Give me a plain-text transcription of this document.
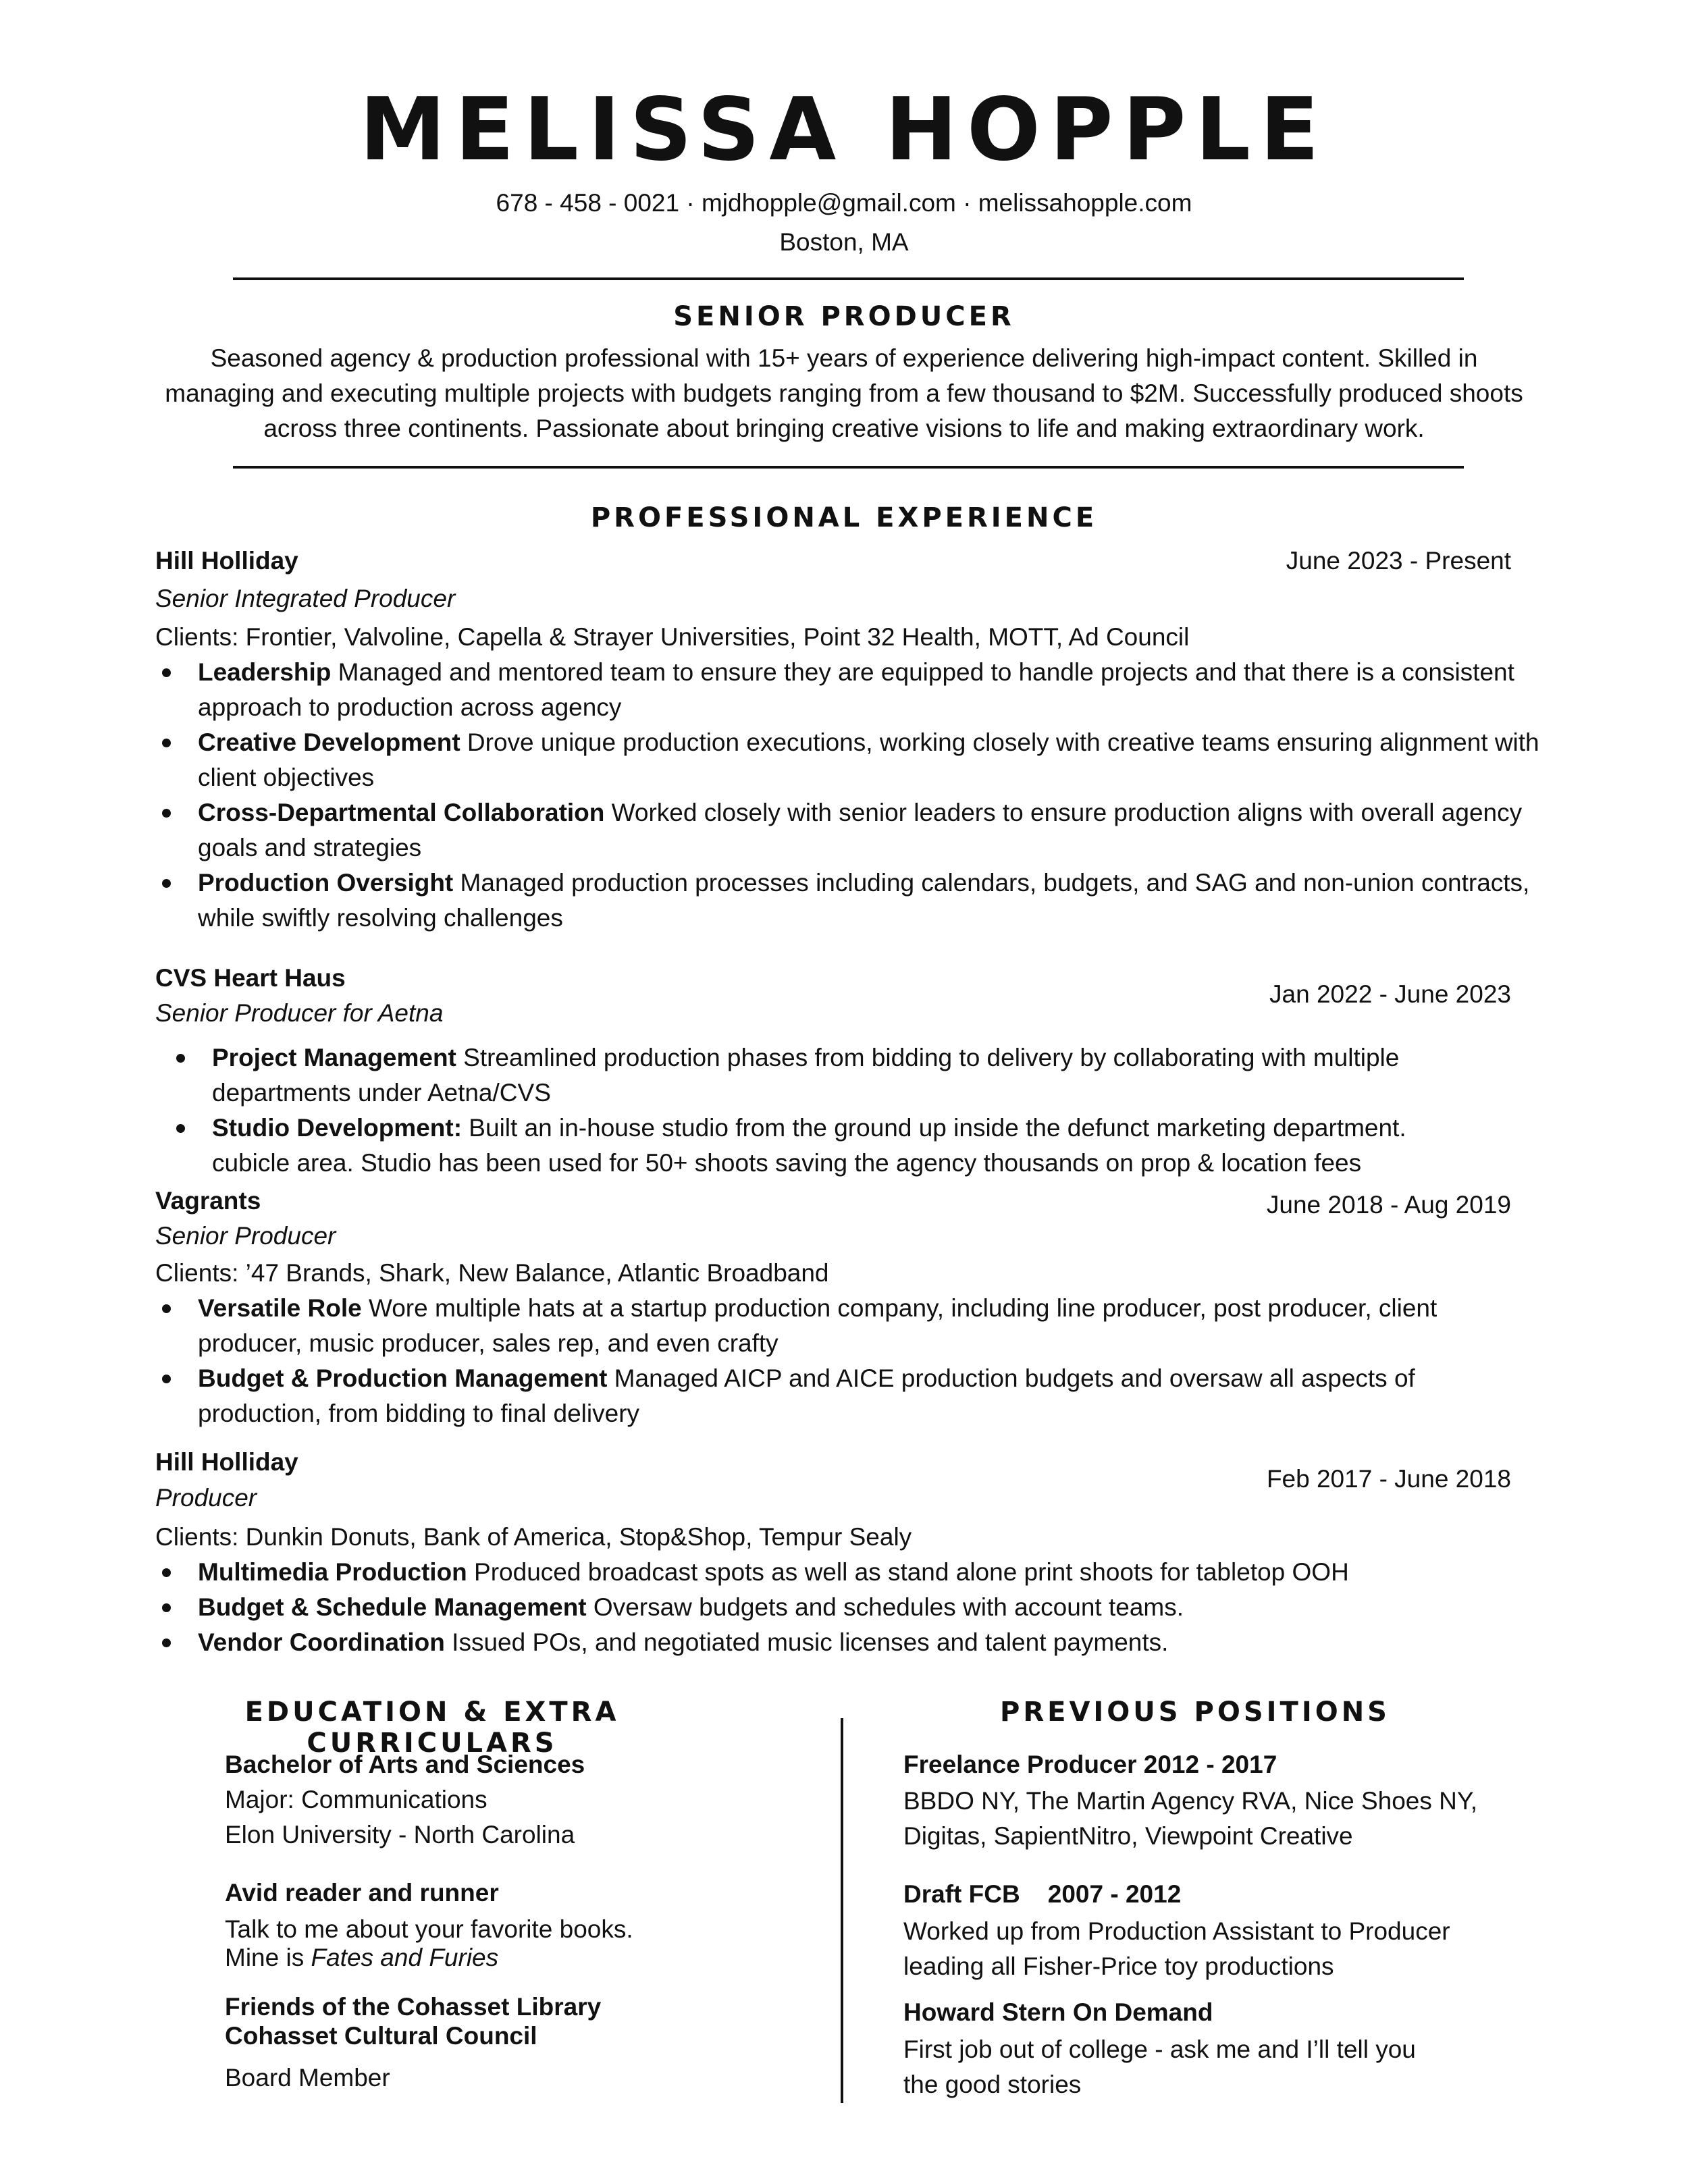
MELISSA HOPPLE
678 - 458 - 0021 · mjdhopple@gmail.com · melissahopple.com
Boston, MA
SENIOR PRODUCER
Seasoned agency & production professional with 15+ years of experience delivering high-impact content. Skilled in managing and executing multiple projects with budgets ranging from a few thousand to $2M. Successfully produced shoots across three continents. Passionate about bringing creative visions to life and making extraordinary work.
PROFESSIONAL EXPERIENCE
Hill Holliday	June 2023 - Present
Senior Integrated Producer
Clients: Frontier, Valvoline, Capella & Strayer Universities, Point 32 Health, MOTT, Ad Council
Leadership Managed and mentored team to ensure they are equipped to handle projects and that there is a consistent approach to production across agency
Creative Development Drove unique production executions, working closely with creative teams ensuring alignment with client objectives
Cross-Departmental Collaboration Worked closely with senior leaders to ensure production aligns with overall agency goals and strategies
Production Oversight Managed production processes including calendars, budgets, and SAG and non-union contracts, while swiftly resolving challenges
CVS Heart Haus
Jan 2022 - June 2023
Senior Producer for Aetna
Project Management Streamlined production phases from bidding to delivery by collaborating with multiple departments under Aetna/CVS
Studio Development: Built an in-house studio from the ground up inside the defunct marketing department. cubicle area. Studio has been used for 50+ shoots saving the agency thousands on prop & location fees
Vagrants	June 2018 - Aug 2019
Senior Producer
Clients: ’47 Brands, Shark, New Balance, Atlantic Broadband
Versatile Role Wore multiple hats at a startup production company, including line producer, post producer, client producer, music producer, sales rep, and even crafty
Budget & Production Management Managed AICP and AICE production budgets and oversaw all aspects of production, from bidding to final delivery
Hill Holliday
Feb 2017 - June 2018
Producer
Clients: Dunkin Donuts, Bank of America, Stop&Shop, Tempur Sealy
Multimedia Production Produced broadcast spots as well as stand alone print shoots for tabletop OOH
Budget & Schedule Management Oversaw budgets and schedules with account teams.
Vendor Coordination Issued POs, and negotiated music licenses and talent payments.
EDUCATION & EXTRA CURRICULARS
PREVIOUS POSITIONS
Bachelor of Arts and Sciences
Major: Communications
Elon University - North Carolina
Avid reader and runner
Talk to me about your favorite books.
Mine is Fates and Furies
Friends of the Cohasset Library
Cohasset Cultural Council
Board Member
Freelance Producer 2012 - 2017
BBDO NY, The Martin Agency RVA, Nice Shoes NY,
Digitas, SapientNitro, Viewpoint Creative
Draft FCB    2007 - 2012
Worked up from Production Assistant to Producer
leading all Fisher-Price toy productions
Howard Stern On Demand
First job out of college - ask me and I’ll tell you
the good stories
